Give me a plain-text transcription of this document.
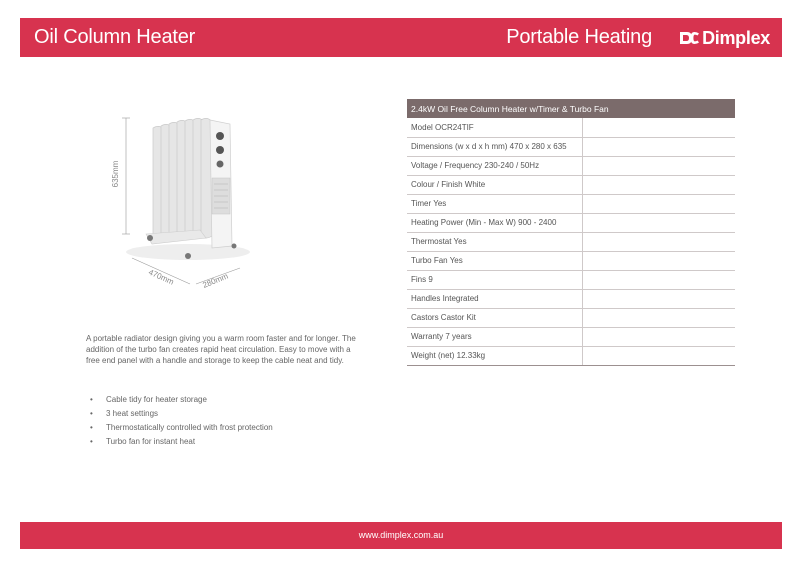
Oil Column Heater	Portable Heating	Dimplex
635mm
470mm	280mm

A portable radiator design giving you a warm room faster and for longer. The addition of the turbo fan creates rapid heat circulation. Easy to move with a free end panel with a handle and storage to keep the cable neat and tidy.

• Cable tidy for heater storage
• 3 heat settings
• Thermostatically controlled with frost protection
• Turbo fan for instant heat
2.4kW Oil Free Column Heater w/Timer & Turbo Fan	
Model OCR24TIF	
Dimensions (w x d x h mm) 470 x 280 x 635	
Voltage / Frequency 230-240 / 50Hz	
Colour / Finish White	
Timer Yes	
Heating Power (Min - Max W) 900 - 2400	
Thermostat Yes	
Turbo Fan Yes	
Fins 9	
Handles Integrated	
Castors Castor Kit	
Warranty 7 years	
Weight (net) 12.33kg	
www.dimplex.com.au
